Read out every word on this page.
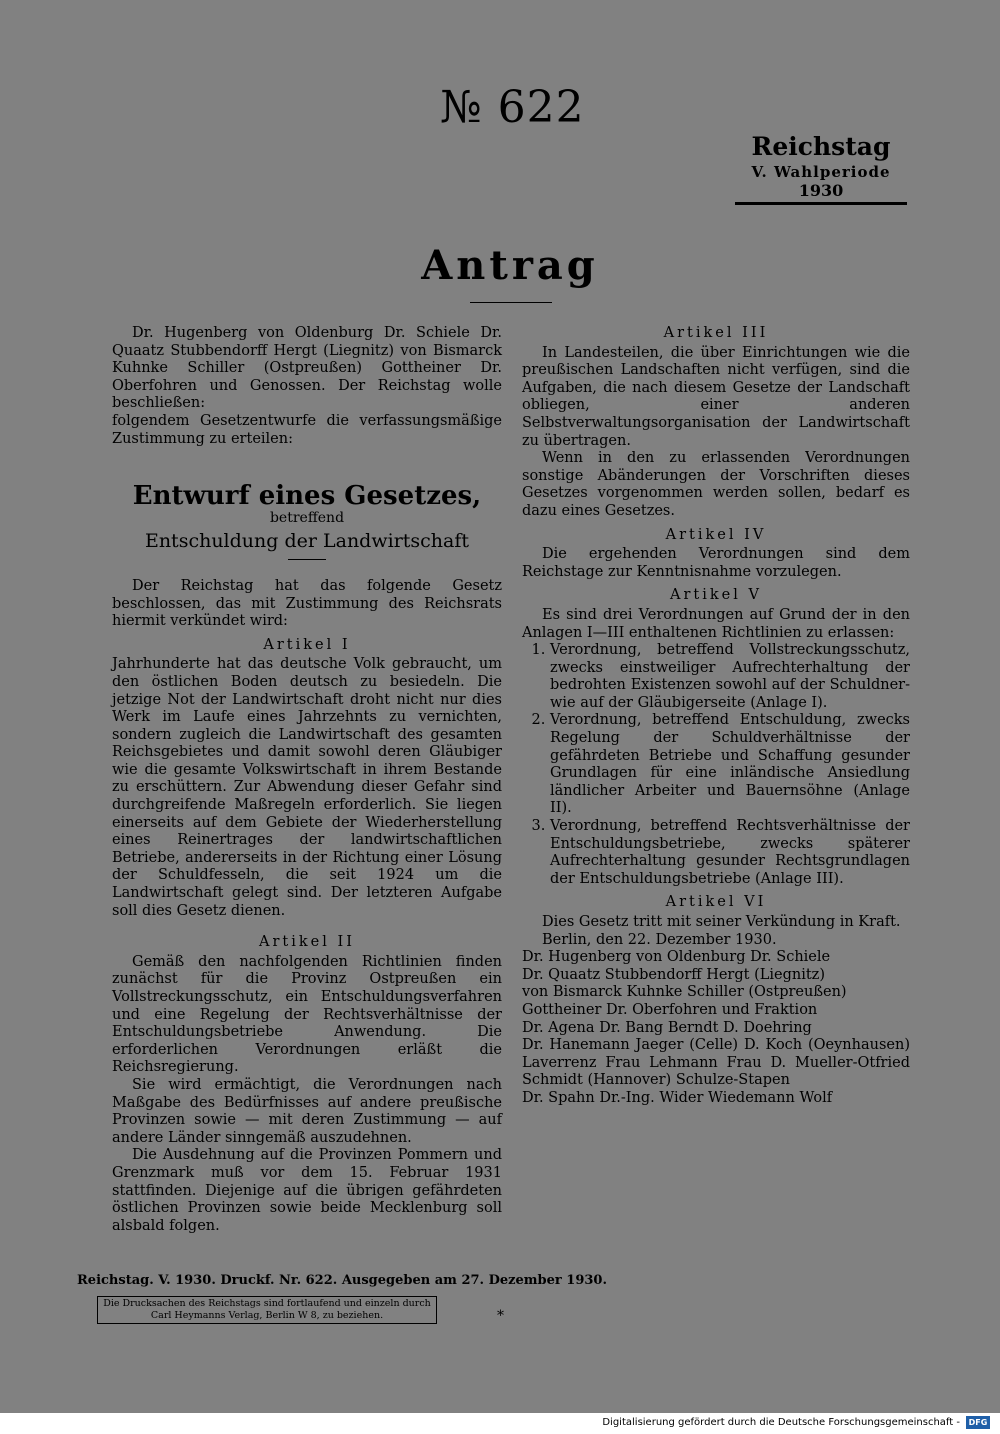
№ 622
Reichstag
V. Wahlperiode
1930
Antrag

Dr. Hugenberg von Oldenburg Dr. Schiele Dr. Quaatz Stubbendorff Hergt (Liegnitz) von Bismarck Kuhnke Schiller (Ostpreußen) Gottheiner Dr. Oberfohren und Genossen. Der Reichstag wolle beschließen:

folgendem Gesetzentwurfe die verfassungsmäßige Zustimmung zu erteilen:

Entwurf eines Gesetzes,
betreffend
Entschuldung der Landwirtschaft

Der Reichstag hat das folgende Gesetz beschlossen, das mit Zustimmung des Reichsrats hiermit verkündet wird:

Artikel I

Jahrhunderte hat das deutsche Volk gebraucht, um den östlichen Boden deutsch zu besiedeln. Die jetzige Not der Landwirtschaft droht nicht nur dies Werk im Laufe eines Jahrzehnts zu vernichten, sondern zugleich die Landwirtschaft des gesamten Reichsgebietes und damit sowohl deren Gläubiger wie die gesamte Volkswirtschaft in ihrem Bestande zu erschüttern. Zur Abwendung dieser Gefahr sind durchgreifende Maßregeln erforderlich. Sie liegen einerseits auf dem Gebiete der Wiederherstellung eines Reinertrages der landwirtschaftlichen Betriebe, andererseits in der Richtung einer Lösung der Schuldfesseln, die seit 1924 um die Landwirtschaft gelegt sind. Der letzteren Aufgabe soll dies Gesetz dienen.

Artikel II

Gemäß den nachfolgenden Richtlinien finden zunächst für die Provinz Ostpreußen ein Vollstreckungsschutz, ein Entschuldungsverfahren und eine Regelung der Rechtsverhältnisse der Entschuldungsbetriebe Anwendung. Die erforderlichen Verordnungen erläßt die Reichsregierung.

Sie wird ermächtigt, die Verordnungen nach Maßgabe des Bedürfnisses auf andere preußische Provinzen sowie — mit deren Zustimmung — auf andere Länder sinngemäß auszudehnen.

Die Ausdehnung auf die Provinzen Pommern und Grenzmark muß vor dem 15. Februar 1931 stattfinden. Diejenige auf die übrigen gefährdeten östlichen Provinzen sowie beide Mecklenburg soll alsbald folgen.

Artikel III

In Landesteilen, die über Einrichtungen wie die preußischen Landschaften nicht verfügen, sind die Aufgaben, die nach diesem Gesetze der Landschaft obliegen, einer anderen Selbstverwaltungsorganisation der Landwirtschaft zu übertragen.

Wenn in den zu erlassenden Verordnungen sonstige Abänderungen der Vorschriften dieses Gesetzes vorgenommen werden sollen, bedarf es dazu eines Gesetzes.

Artikel IV

Die ergehenden Verordnungen sind dem Reichstage zur Kenntnisnahme vorzulegen.

Artikel V

Es sind drei Verordnungen auf Grund der in den Anlagen I—III enthaltenen Richtlinien zu erlassen:

1. Verordnung, betreffend Vollstreckungsschutz, zwecks einstweiliger Aufrechterhaltung der bedrohten Existenzen sowohl auf der Schuldner- wie auf der Gläubigerseite (Anlage I).
2. Verordnung, betreffend Entschuldung, zwecks Regelung der Schuldverhältnisse der gefährdeten Betriebe und Schaffung gesunder Grundlagen für eine inländische Ansiedlung ländlicher Arbeiter und Bauernsöhne (Anlage II).
3. Verordnung, betreffend Rechtsverhältnisse der Entschuldungsbetriebe, zwecks späterer Aufrechterhaltung gesunder Rechtsgrundlagen der Entschuldungsbetriebe (Anlage III).
Artikel VI

Dies Gesetz tritt mit seiner Verkündung in Kraft.

Berlin, den 22. Dezember 1930.

Dr. Hugenberg von Oldenburg Dr. Schiele

Dr. Quaatz Stubbendorff Hergt (Liegnitz)

von Bismarck Kuhnke Schiller (Ostpreußen)

Gottheiner Dr. Oberfohren und Fraktion

Dr. Agena Dr. Bang Berndt D. Doehring

Dr. Hanemann Jaeger (Celle) D. Koch (Oeynhausen) Laverrenz Frau Lehmann Frau D. Mueller-Otfried Schmidt (Hannover) Schulze-Stapen

Dr. Spahn Dr.-Ing. Wider Wiedemann Wolf

Reichstag. V. 1930. Druckf. Nr. 622. Ausgegeben am 27. Dezember 1930.
Die Drucksachen des Reichstags sind fortlaufend und einzeln durch Carl Heymanns Verlag, Berlin W 8, zu beziehen.	*
Digitalisierung gefördert durch die Deutsche Forschungsgemeinschaft -	DFG
